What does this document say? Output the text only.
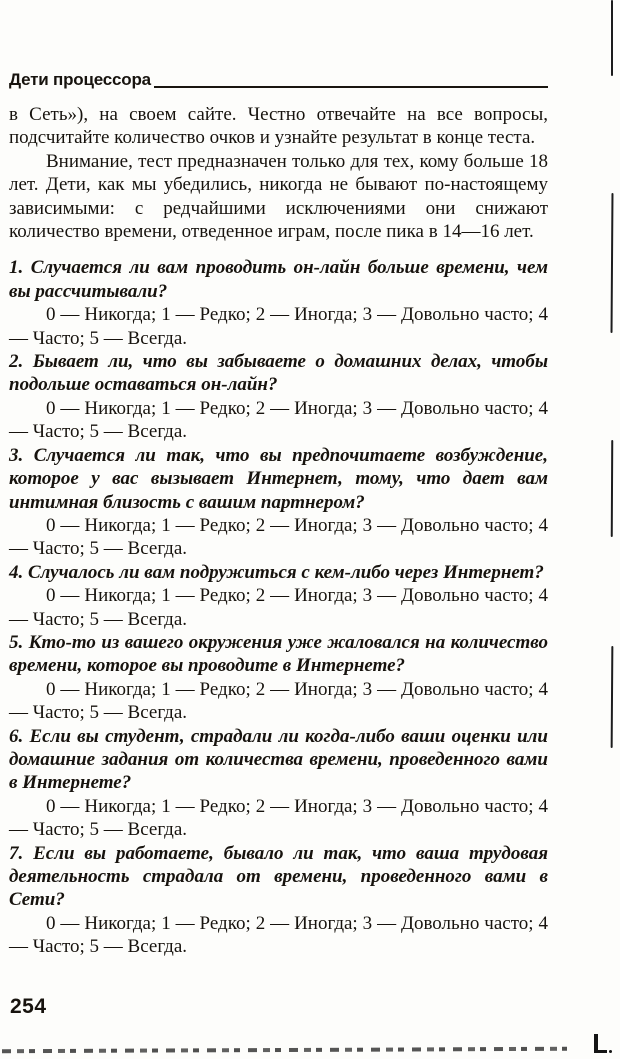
Дети процессора

в Сеть»), на своем сайте. Честно отвечайте на все вопросы, подсчитайте количество очков и узнайте результат в конце теста.

Внимание, тест предназначен только для тех, кому больше 18 лет. Дети, как мы убедились, никогда не бывают по-настоящему зависимыми: с редчайшими исключениями они снижают количество времени, отведенное играм, после пика в 14—16 лет.

1. Случается ли вам проводить он-лайн больше времени, чем вы рассчитывали?

0 — Никогда; 1 — Редко; 2 — Иногда; 3 — Довольно часто; 4 — Часто; 5 — Всегда.

2. Бывает ли, что вы забываете о домашних делах, чтобы подольше оставаться он-лайн?

0 — Никогда; 1 — Редко; 2 — Иногда; 3 — Довольно часто; 4 — Часто; 5 — Всегда.

3. Случается ли так, что вы предпочитаете возбуждение, которое у вас вызывает Интернет, тому, что дает вам интимная близость с вашим партнером?

0 — Никогда; 1 — Редко; 2 — Иногда; 3 — Довольно часто; 4 — Часто; 5 — Всегда.

4. Случалось ли вам подружиться с кем-либо через Интернет?

0 — Никогда; 1 — Редко; 2 — Иногда; 3 — Довольно часто; 4 — Часто; 5 — Всегда.

5. Кто-то из вашего окружения уже жаловался на количество времени, которое вы проводите в Интернете?

0 — Никогда; 1 — Редко; 2 — Иногда; 3 — Довольно часто; 4 — Часто; 5 — Всегда.

6. Если вы студент, страдали ли когда-либо ваши оценки или домашние задания от количества времени, проведенного вами в Интернете?

0 — Никогда; 1 — Редко; 2 — Иногда; 3 — Довольно часто; 4 — Часто; 5 — Всегда.

7. Если вы работаете, бывало ли так, что ваша трудовая деятельность страдала от времени, проведенного вами в Сети?

0 — Никогда; 1 — Редко; 2 — Иногда; 3 — Довольно часто; 4 — Часто; 5 — Всегда.

254
